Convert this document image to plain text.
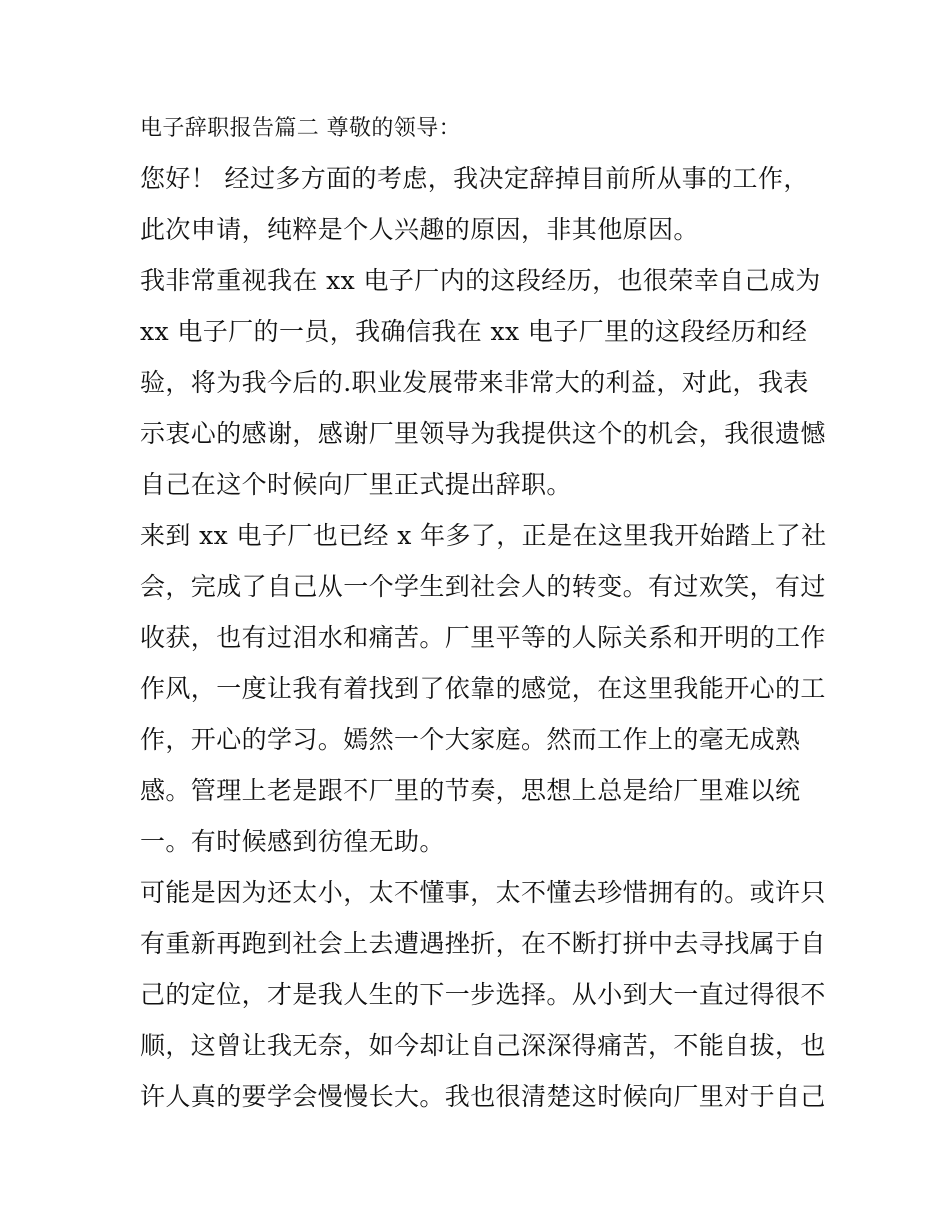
电子辞职报告篇二 尊敬的领导：
您好！ 经过多方面的考虑，我决定辞掉目前所从事的工作，
此次申请，纯粹是个人兴趣的原因，非其他原因。
我非常重视我在 xx 电子厂内的这段经历，也很荣幸自己成为
xx 电子厂的一员，我确信我在 xx 电子厂里的这段经历和经
验，将为我今后的.职业发展带来非常大的利益，对此，我表
示衷心的感谢，感谢厂里领导为我提供这个的机会，我很遗憾
自己在这个时候向厂里正式提出辞职。
来到 xx 电子厂也已经 x 年多了，正是在这里我开始踏上了社
会，完成了自己从一个学生到社会人的转变。有过欢笑，有过
收获，也有过泪水和痛苦。厂里平等的人际关系和开明的工作
作风，一度让我有着找到了依靠的感觉，在这里我能开心的工
作，开心的学习。嫣然一个大家庭。然而工作上的毫无成熟
感。管理上老是跟不厂里的节奏，思想上总是给厂里难以统
一。有时候感到彷徨无助。
可能是因为还太小，太不懂事，太不懂去珍惜拥有的。或许只
有重新再跑到社会上去遭遇挫折，在不断打拼中去寻找属于自
己的定位，才是我人生的下一步选择。从小到大一直过得很不
顺，这曾让我无奈，如今却让自己深深得痛苦，不能自拔，也
许人真的要学会慢慢长大。我也很清楚这时候向厂里对于自己
